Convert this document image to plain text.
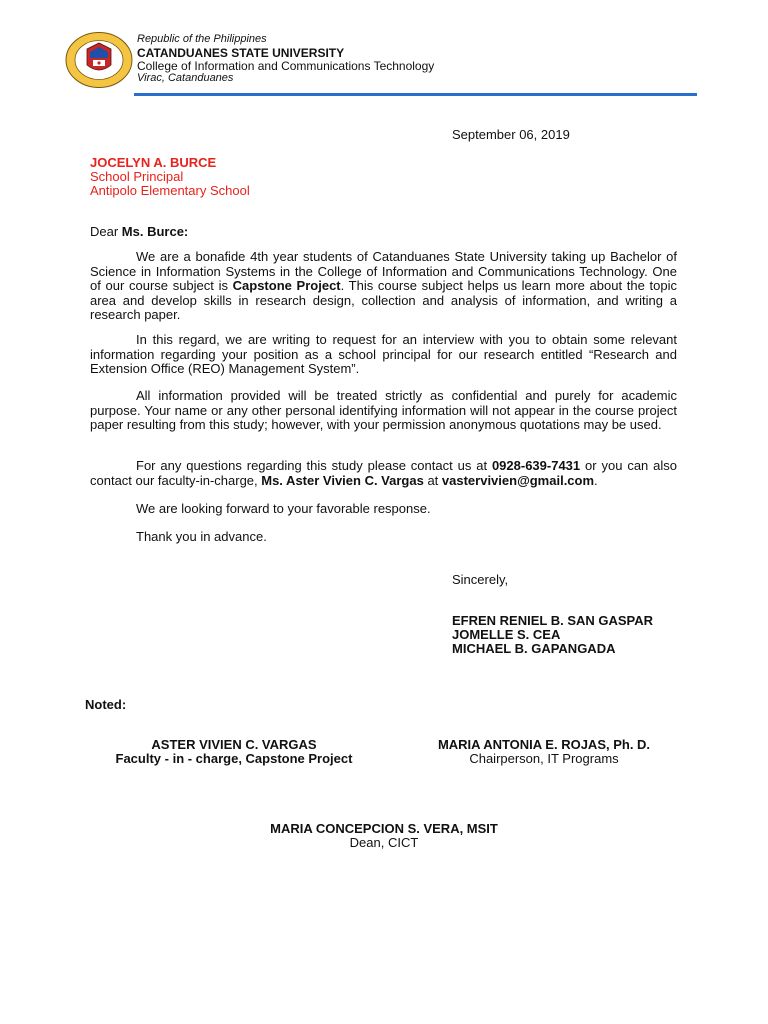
Republic of the Philippines
CATANDUANES STATE UNIVERSITY
College of Information and Communications Technology
Virac, Catanduanes
September 06, 2019
JOCELYN A. BURCE
School Principal
Antipolo Elementary School
Dear Ms. Burce:
We are a bonafide 4th year students of Catanduanes State University taking up Bachelor of Science in Information Systems in the College of Information and Communications Technology. One of our course subject is Capstone Project. This course subject helps us learn more about the topic area and develop skills in research design, collection and analysis of information, and writing a research paper.
In this regard, we are writing to request for an interview with you to obtain some relevant information regarding your position as a school principal for our research entitled “Research and Extension Office (REO) Management System”.
All information provided will be treated strictly as confidential and purely for academic purpose. Your name or any other personal identifying information will not appear in the course project paper resulting from this study; however, with your permission anonymous quotations may be used.
For any questions regarding this study please contact us at 0928-639-7431 or you can also contact our faculty-in-charge, Ms. Aster Vivien C. Vargas at vastervivien@gmail.com.
We are looking forward to your favorable response.
Thank you in advance.
Sincerely,
EFREN RENIEL B. SAN GASPAR
JOMELLE S. CEA
MICHAEL B. GAPANGADA
Noted:
ASTER VIVIEN C. VARGAS
Faculty - in - charge, Capstone Project
MARIA ANTONIA E. ROJAS, Ph. D.
Chairperson, IT Programs
MARIA CONCEPCION S. VERA, MSIT
Dean, CICT
